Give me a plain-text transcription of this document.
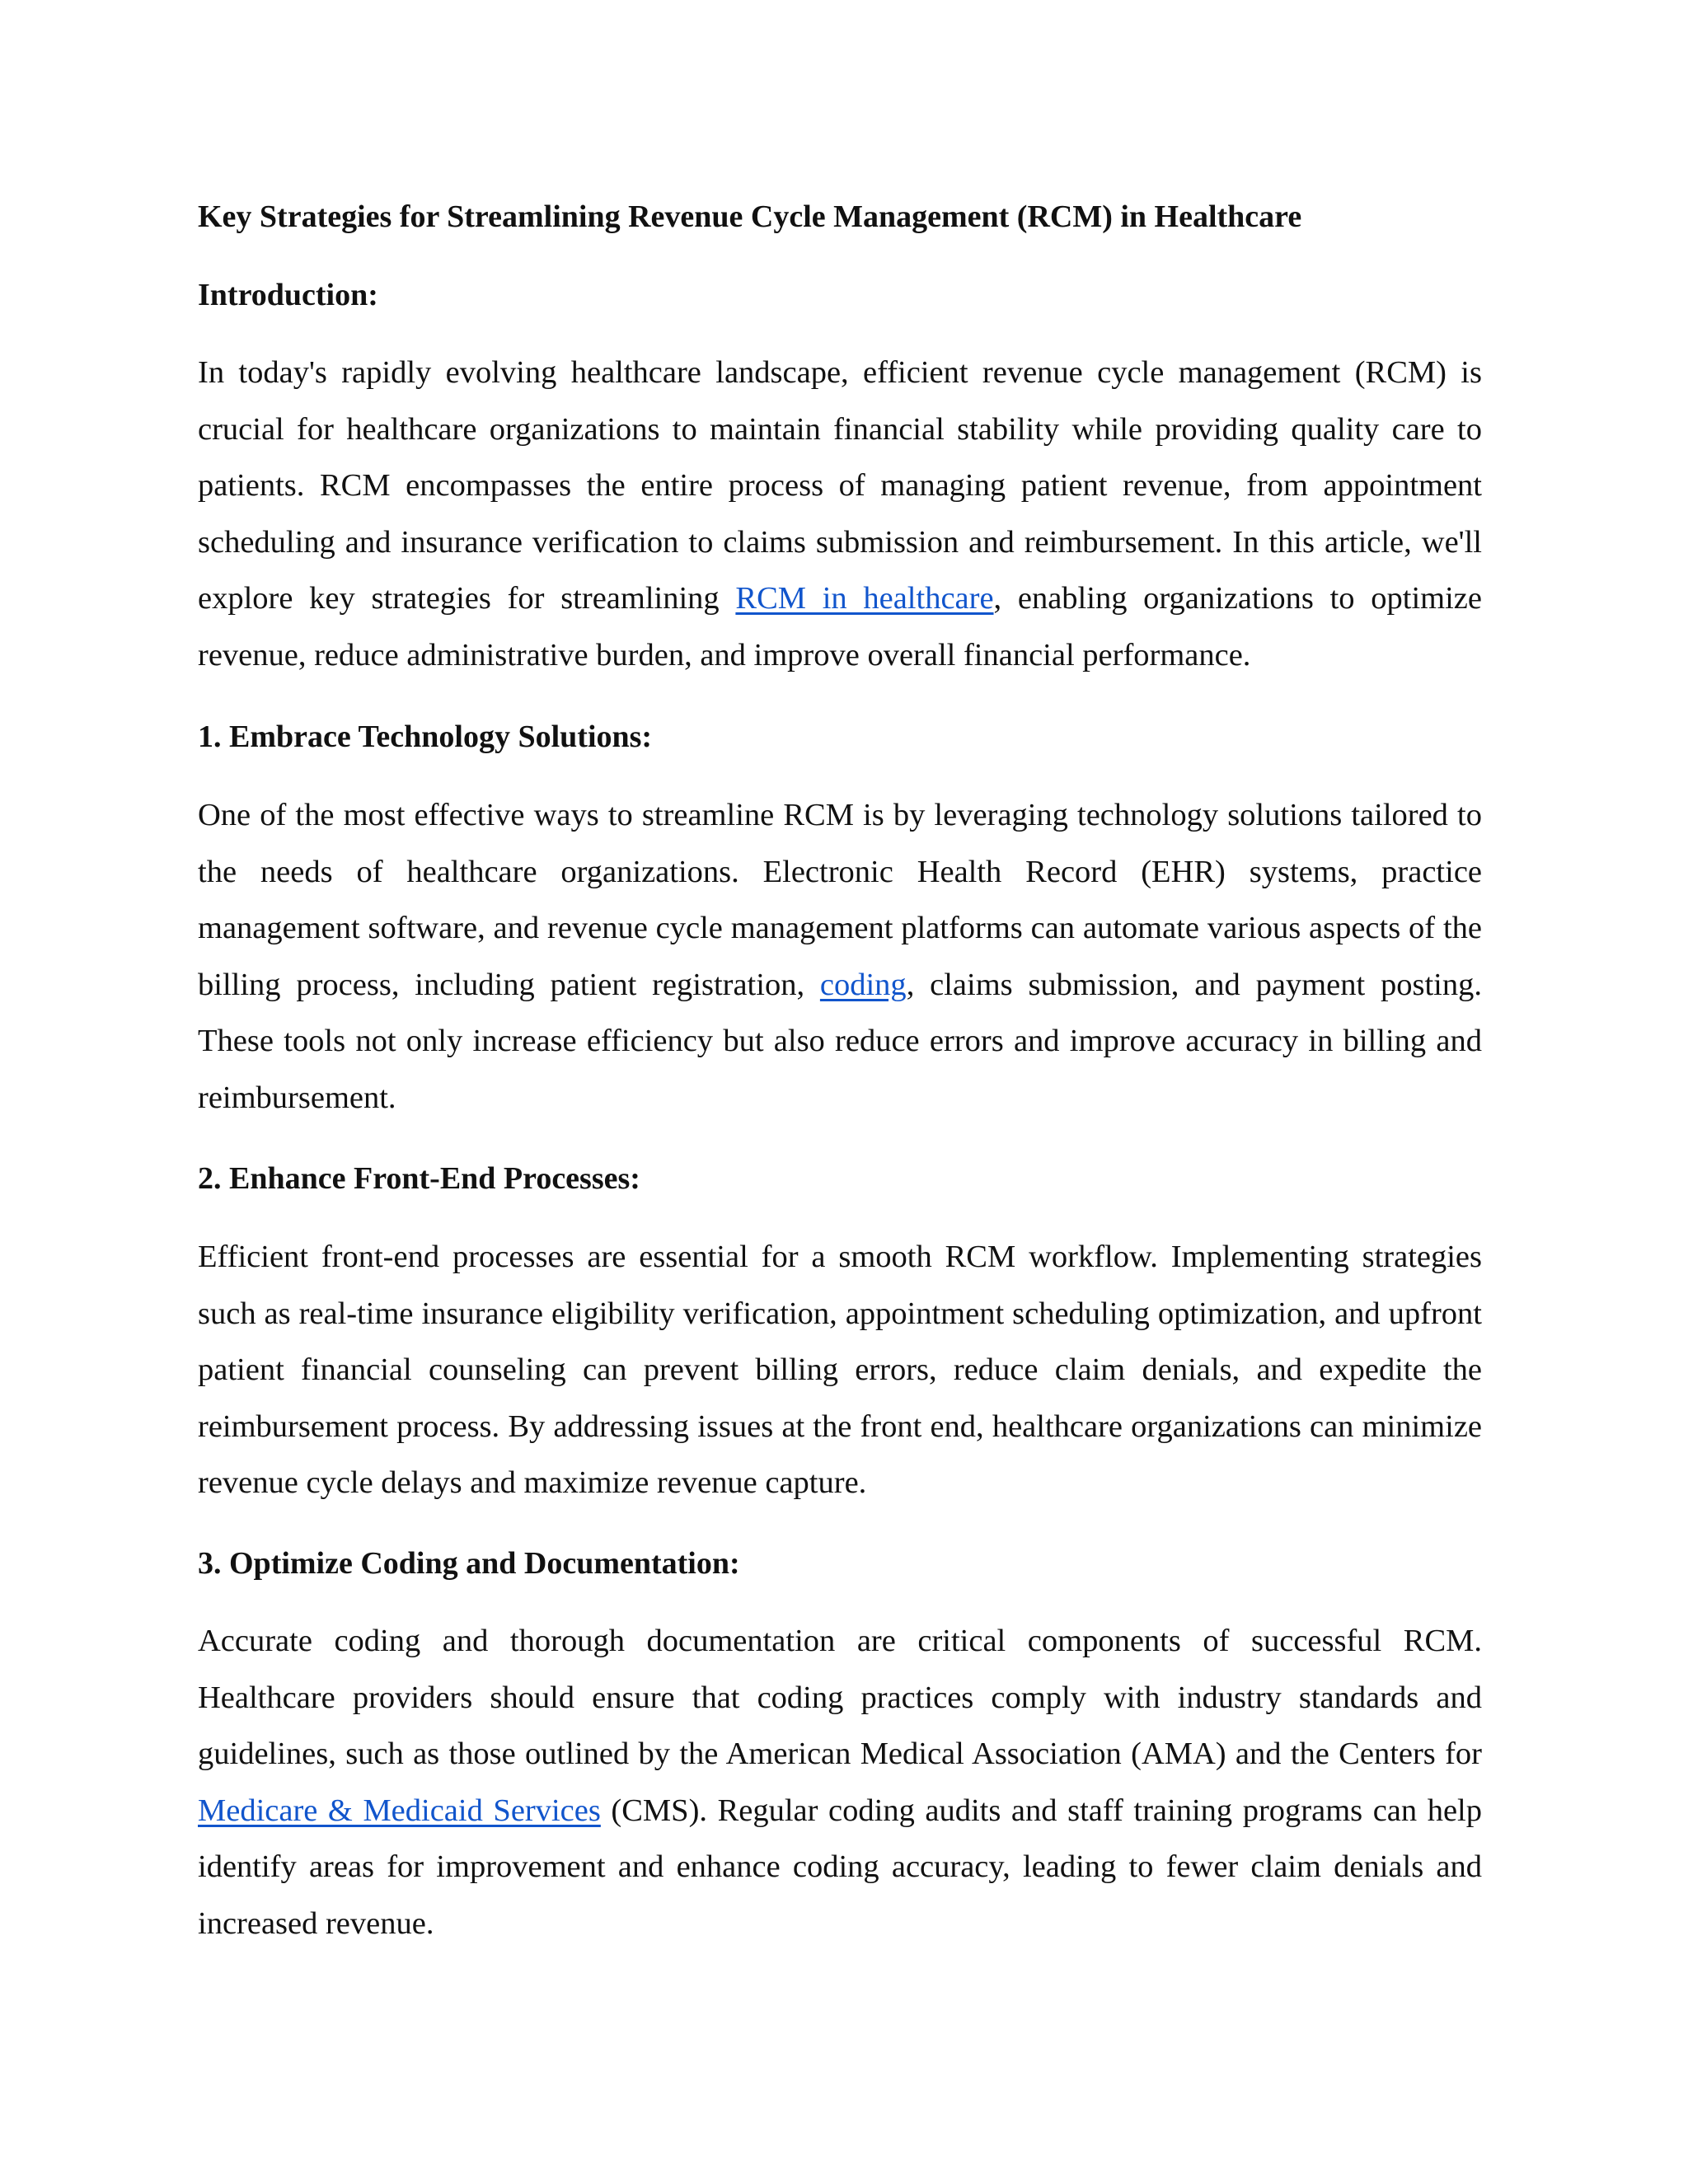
Key Strategies for Streamlining Revenue Cycle Management (RCM) in Healthcare
Introduction:

In today's rapidly evolving healthcare landscape, efficient revenue cycle management (RCM) is crucial for healthcare organizations to maintain financial stability while providing quality care to patients. RCM encompasses the entire process of managing patient revenue, from appointment scheduling and insurance verification to claims submission and reimbursement. In this article, we'll explore key strategies for streamlining RCM in healthcare, enabling organizations to optimize revenue, reduce administrative burden, and improve overall financial performance.

1. Embrace Technology Solutions:

One of the most effective ways to streamline RCM is by leveraging technology solutions tailored to the needs of healthcare organizations. Electronic Health Record (EHR) systems, practice management software, and revenue cycle management platforms can automate various aspects of the billing process, including patient registration, coding, claims submission, and payment posting. These tools not only increase efficiency but also reduce errors and improve accuracy in billing and reimbursement.

2. Enhance Front-End Processes:

Efficient front-end processes are essential for a smooth RCM workflow. Implementing strategies such as real-time insurance eligibility verification, appointment scheduling optimization, and upfront patient financial counseling can prevent billing errors, reduce claim denials, and expedite the reimbursement process. By addressing issues at the front end, healthcare organizations can minimize revenue cycle delays and maximize revenue capture.

3. Optimize Coding and Documentation:

Accurate coding and thorough documentation are critical components of successful RCM. Healthcare providers should ensure that coding practices comply with industry standards and guidelines, such as those outlined by the American Medical Association (AMA) and the Centers for Medicare & Medicaid Services (CMS). Regular coding audits and staff training programs can help identify areas for improvement and enhance coding accuracy, leading to fewer claim denials and increased revenue.
